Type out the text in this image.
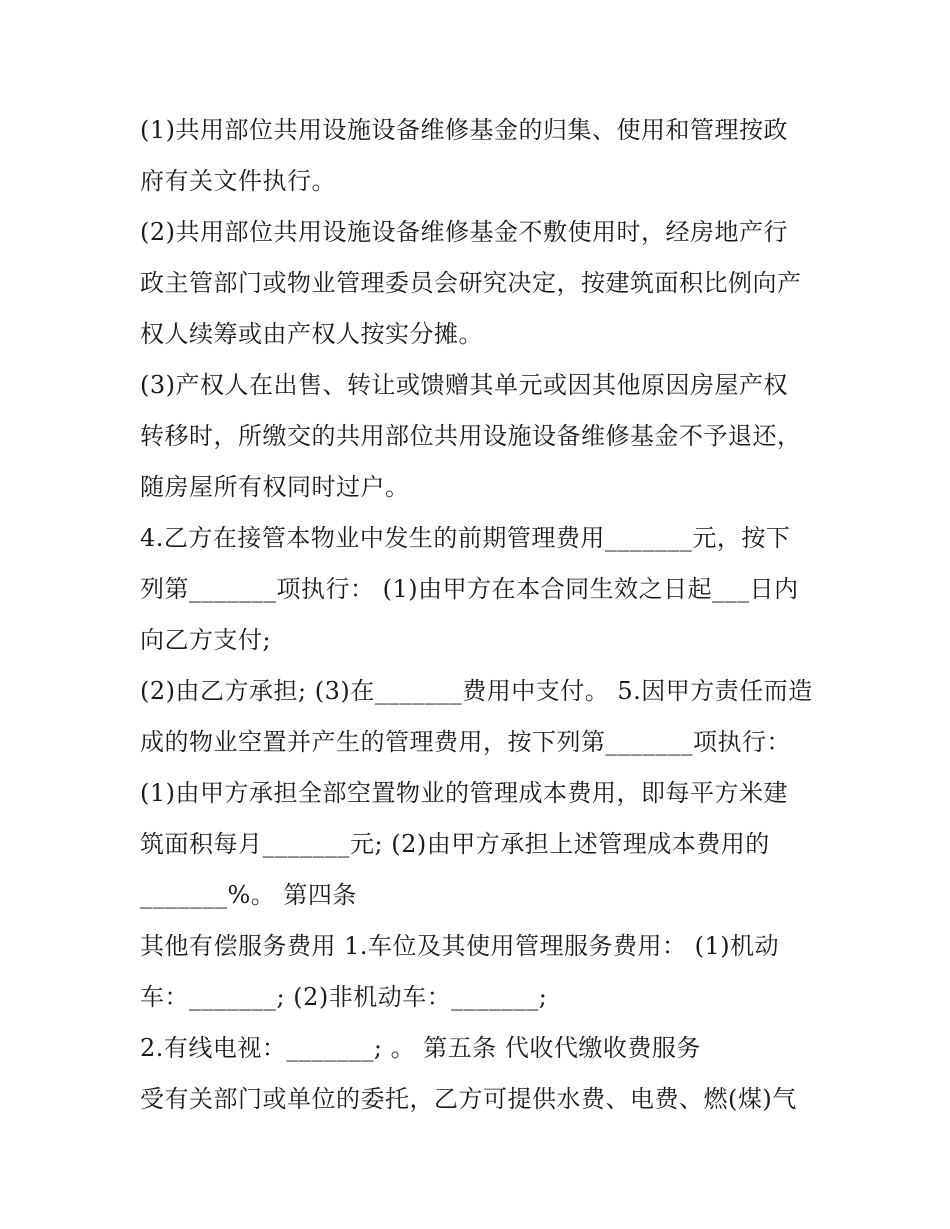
(1)共用部位共用设施设备维修基金的归集、使用和管理按政
府有关文件执行。
(2)共用部位共用设施设备维修基金不敷使用时，经房地产行
政主管部门或物业管理委员会研究决定，按建筑面积比例向产
权人续筹或由产权人按实分摊。
(3)产权人在出售、转让或馈赠其单元或因其他原因房屋产权
转移时，所缴交的共用部位共用设施设备维修基金不予退还，
随房屋所有权同时过户。
4.乙方在接管本物业中发生的前期管理费用_______元，按下
列第_______项执行： (1)由甲方在本合同生效之日起___日内
向乙方支付;
(2)由乙方承担; (3)在_______费用中支付。 5.因甲方责任而造
成的物业空置并产生的管理费用，按下列第_______项执行：
(1)由甲方承担全部空置物业的管理成本费用，即每平方米建
筑面积每月_______元; (2)由甲方承担上述管理成本费用的
_______%。 第四条
其他有偿服务费用 1.车位及其使用管理服务费用： (1)机动
车：_______; (2)非机动车：_______;
2.有线电视：_______; 。 第五条 代收代缴收费服务
受有关部门或单位的委托，乙方可提供水费、电费、燃(煤)气
